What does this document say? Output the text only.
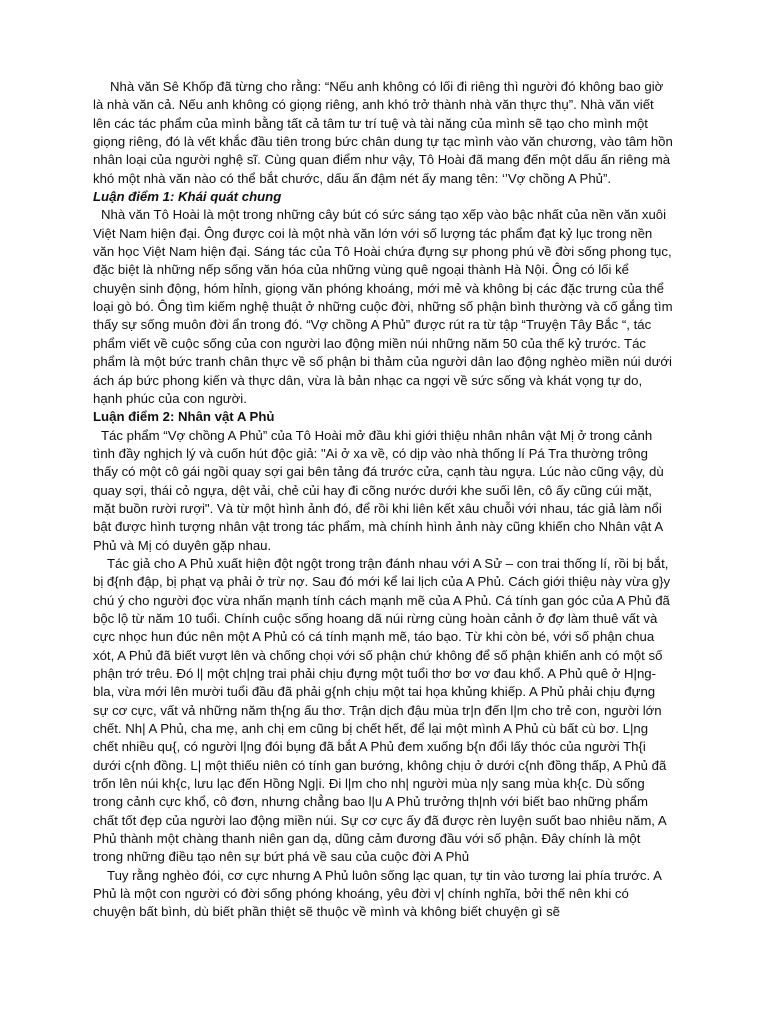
Nhà văn Sê Khốp đã từng cho rằng: “Nếu anh không có lối đi riêng thì người đó không bao giờ là nhà văn cả. Nếu anh không có giọng riêng, anh khó trở thành nhà văn thực thụ”. Nhà văn viết lên các tác phẩm của mình bằng tất cả tâm tư trí tuệ và tài năng của mình sẽ tạo cho mình một giọng riêng, đó là vết khắc đầu tiên trong bức chân dung tự tạc mình vào văn chương, vào tâm hồn nhân loại của người nghệ sĩ. Cùng quan điểm như vậy, Tô Hoài đã mang đến một dấu ấn riêng mà khó một nhà văn nào có thể bắt chước, dấu ấn đậm nét ấy mang tên: ‘’Vợ chồng A Phủ”.

Luận điểm 1: Khái quát chung

Nhà văn Tô Hoài là một trong những cây bút có sức sáng tạo xếp vào bậc nhất của nền văn xuôi Việt Nam hiện đại. Ông được coi là một nhà văn lớn với số lượng tác phẩm đạt kỷ lục trong nền văn học Việt Nam hiện đại. Sáng tác của Tô Hoài chứa đựng sự phong phú về đời sống phong tục, đặc biệt là những nếp sống văn hóa của những vùng quê ngoại thành Hà Nội. Ông có lối kể chuyện sinh động, hóm hỉnh, giọng văn phóng khoáng, mới mẻ và không bị các đặc trưng của thể loại gò bó. Ông tìm kiếm nghệ thuật ở những cuộc đời, những số phận bình thường và cố gắng tìm thấy sự sống muôn đời ẩn trong đó. “Vợ chồng A Phủ” được rút ra từ tập “Truyện Tây Bắc “, tác phẩm viết về cuộc sống của con người lao động miền núi những năm 50 của thế kỷ trước. Tác phẩm là một bức tranh chân thực về số phận bi thảm của người dân lao động nghèo miền núi dưới ách áp bức phong kiến và thực dân, vừa là bản nhạc ca ngợi về sức sống và khát vọng tự do, hạnh phúc của con người.

Luận điểm 2: Nhân vật A Phủ

Tác phẩm “Vợ chồng A Phủ” của Tô Hoài mở đầu khi giới thiệu nhân nhân vật Mị ở trong cảnh tình đầy nghịch lý và cuốn hút độc giả: "Ai ở xa về, có dịp vào nhà thống lí Pá Tra thường trông thấy có một cô gái ngồi quay sợi gai bên tảng đá trước cửa, cạnh tàu ngựa. Lúc nào cũng vậy, dù quay sợi, thái cỏ ngựa, dệt vải, chẻ củi hay đi cõng nước dưới khe suối lên, cô ấy cũng cúi mặt, mặt buồn rười rượi". Và từ một hình ảnh đó, để rồi khi liên kết xâu chuỗi với nhau, tác giả làm nổi bật được hình tượng nhân vật trong tác phẩm, mà chính hình ảnh này cũng khiến cho Nhân vật A Phủ và Mị có duyên gặp nhau.

Tác giả cho A Phủ xuất hiện đột ngột trong trận đánh nhau với A Sử – con trai thống lí, rồi bị bắt, bị đ{nh đập, bị phạt vạ phải ở trừ nợ. Sau đó mới kể lai lịch của A Phủ. Cách giới thiệu này vừa g}y chú ý cho người đọc vừa nhấn mạnh tính cách mạnh mẽ của A Phủ. Cá tính gan góc của A Phủ đã bộc lộ từ năm 10 tuổi. Chính cuộc sống hoang dã núi rừng cùng hoàn cảnh ở đợ làm thuê vất và cực nhọc hun đúc nên một A Phủ có cá tính mạnh mẽ, táo bạo. Từ khi còn bé, với số phận chua xót, A Phủ đã biết vượt lên và chống chọi với số phận chứ không để số phận khiến anh có một số phận trớ trêu. Đó l| một ch|ng trai phải chịu đựng một tuổi thơ bơ vơ đau khổ. A Phủ quê ở H|ng-bla, vừa mới lên mười tuổi đầu đã phải g{nh chịu một tai họa khủng khiếp. A Phủ phải chịu đựng sự cơ cực, vất vả những năm th{ng ấu thơ. Trận dịch đậu mùa tr|n đến l|m cho trẻ con, người lớn chết. Nh| A Phủ, cha mẹ, anh chị em cũng bị chết hết, để lại một mình A Phủ cù bất cù bơ. L|ng chết nhiều qu{, có người l|ng đói bụng đã bắt A Phủ đem xuống b{n đổi lấy thóc của người Th{i dưới c{nh đồng. L| một thiếu niên có tính gan bướng, không chịu ở dưới c{nh đồng thấp, A Phủ đã trốn lên núi kh{c, lưu lạc đến Hồng Ng|i. Đi l|m cho nh| người mùa n|y sang mùa kh{c. Dù sống trong cảnh cực khổ, cô đơn, nhưng chẳng bao l|u A Phủ trưởng th|nh với biết bao những phẩm chất tốt đẹp của người lao động miền núi. Sự cơ cực ấy đã được rèn luyện suốt bao nhiêu năm, A Phủ thành một chàng thanh niên gan dạ, dũng cảm đương đầu với số phận. Đây chính là một trong những điều tạo nên sự bứt phá về sau của cuộc đời A Phủ

Tuy rằng nghèo đói, cơ cực nhưng A Phủ luôn sống lạc quan, tự tin vào tương lai phía trước. A Phủ là một con người có đời sống phóng khoáng, yêu đời v| chính nghĩa, bởi thế nên khi có chuyện bất bình, dù biết phần thiệt sẽ thuộc về mình và không biết chuyện gì sẽ
